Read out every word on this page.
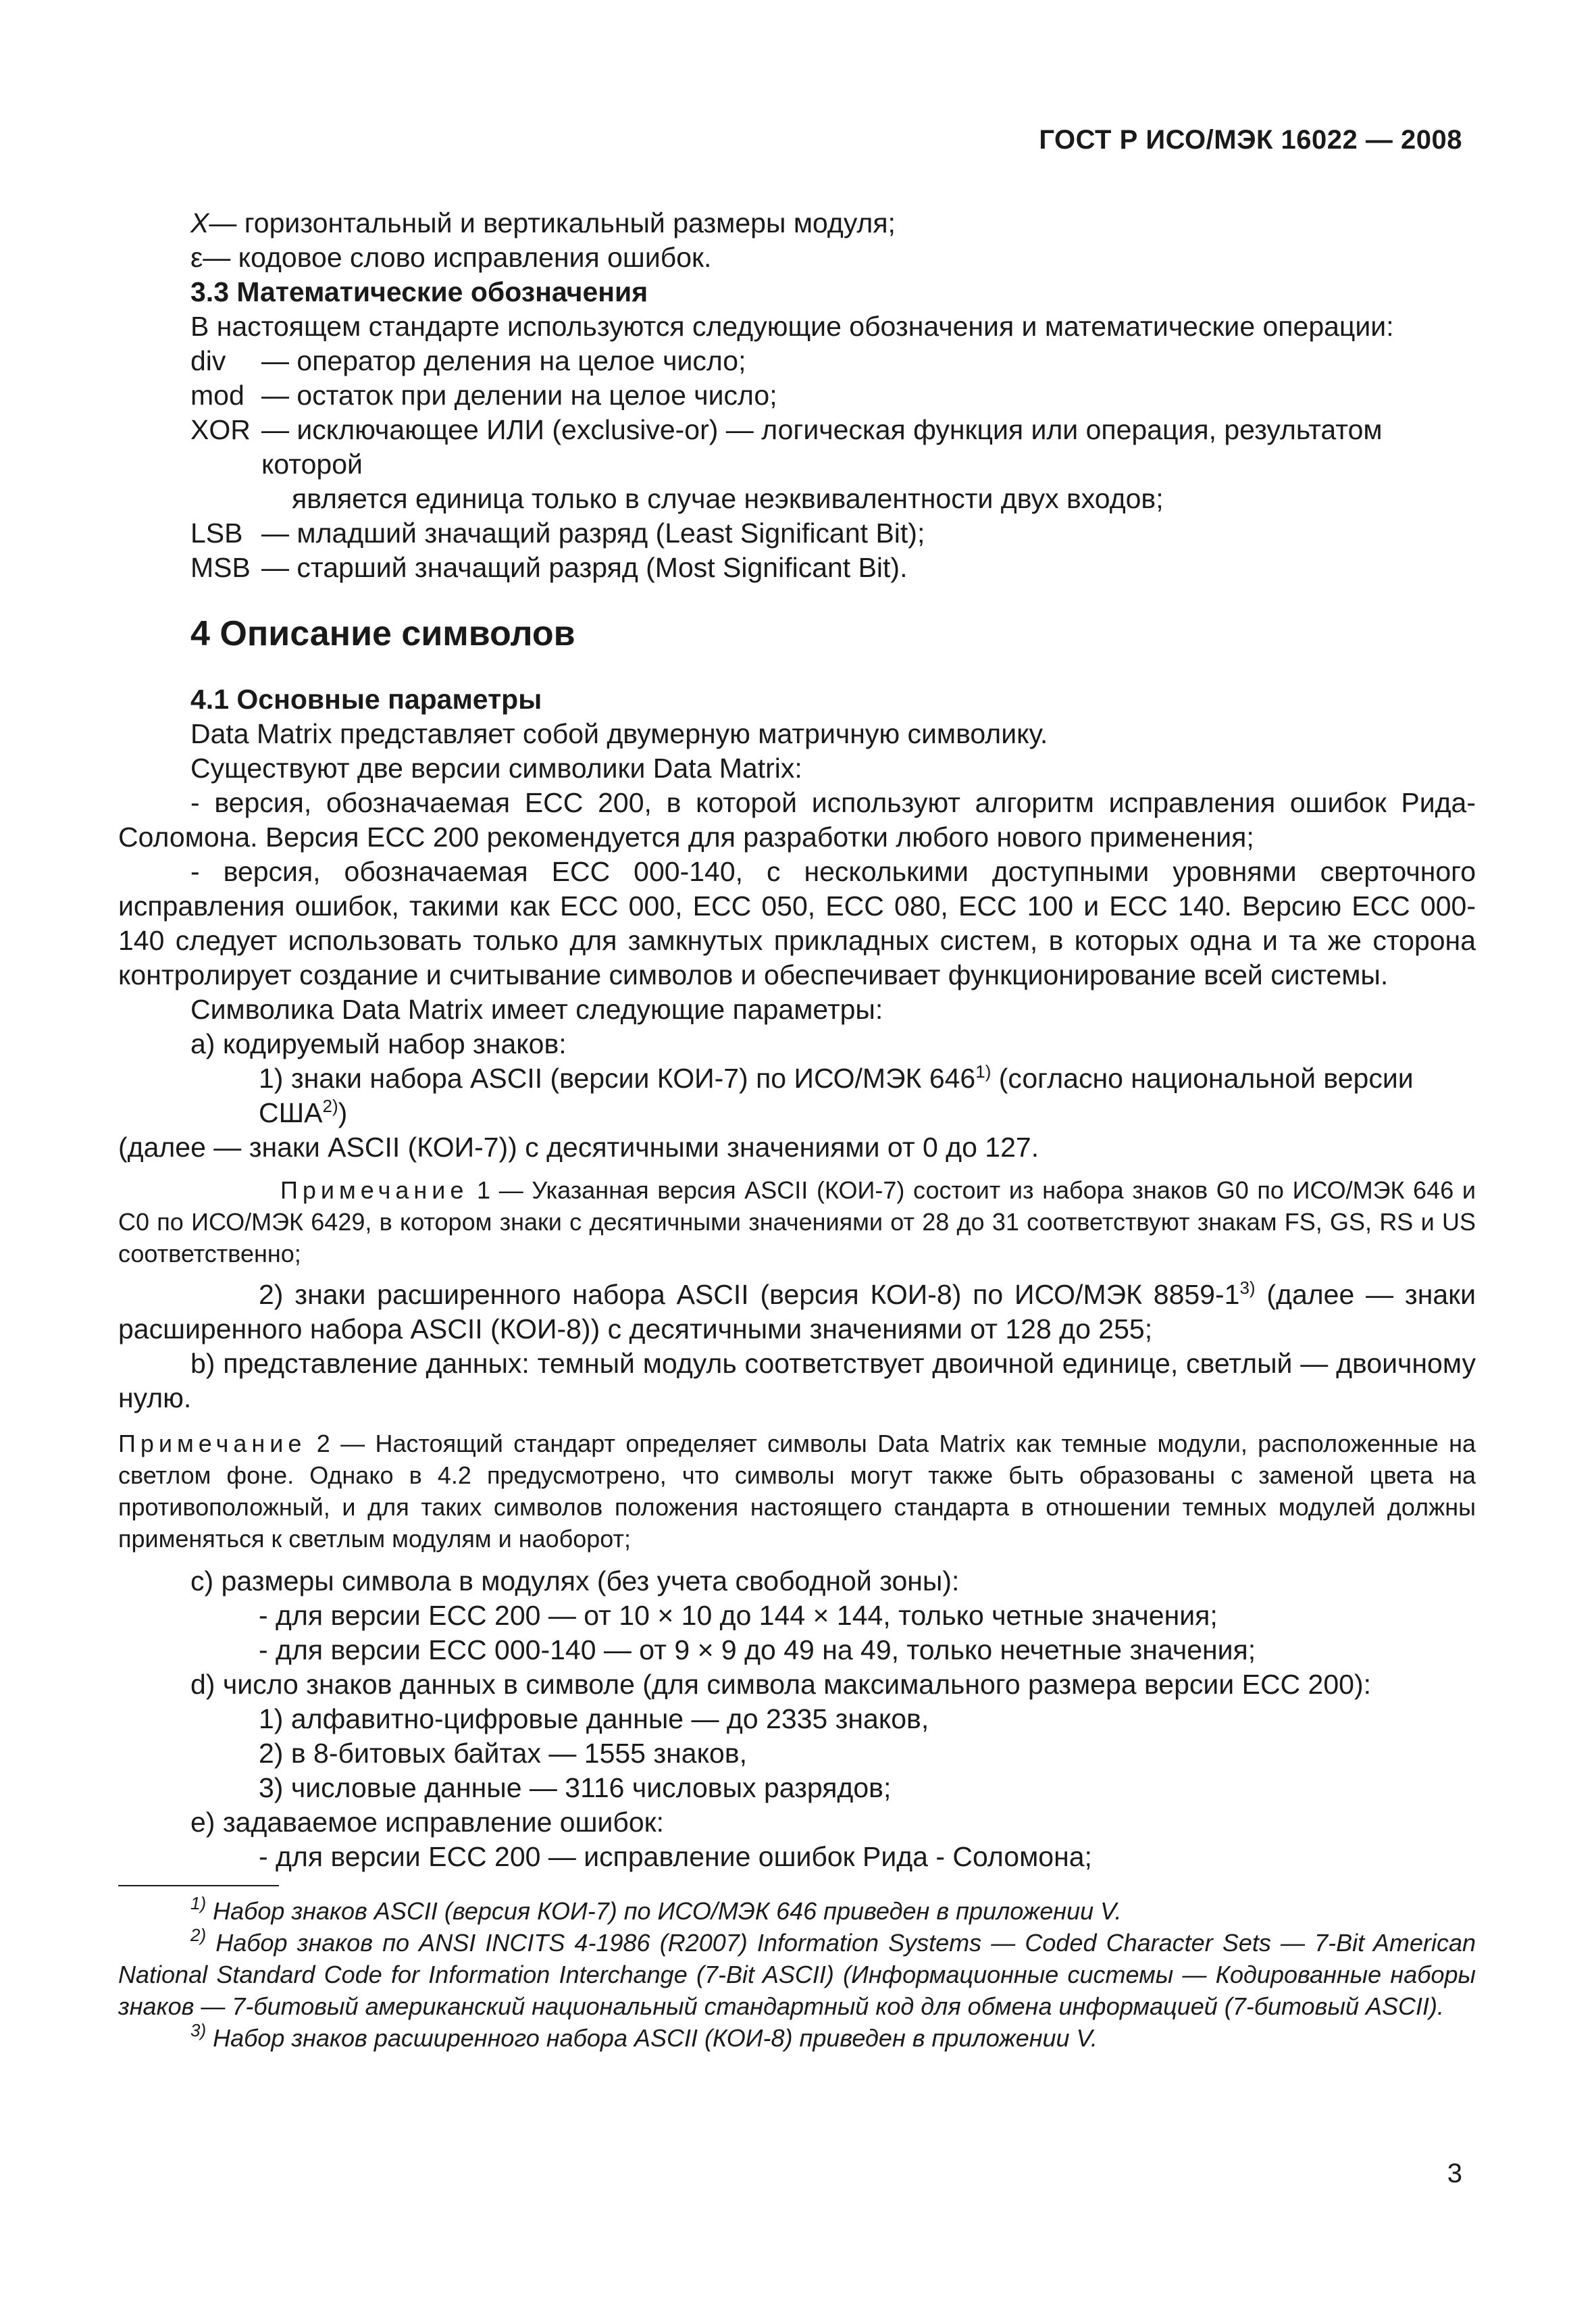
ГОСТ Р ИСО/МЭК 16022 — 2008
X — горизонтальный и вертикальный размеры модуля;
ε — кодовое слово исправления ошибок.
3.3 Математические обозначения
В настоящем стандарте используются следующие обозначения и математические операции:
div	— оператор деления на целое число;
mod — остаток при делении на целое число;
XOR — исключающее ИЛИ (exclusive-or) — логическая функция или операция, результатом которой
является единица только в случае неэквивалентности двух входов;
LSB — младший значащий разряд (Least Significant Bit);
MSB — старший значащий разряд (Most Significant Bit).
4 Описание символов
4.1 Основные параметры
Data Matrix представляет собой двумерную матричную символику.
Существуют две версии символики Data Matrix:
- версия, обозначаемая ЕСС 200, в которой используют алгоритм исправления ошибок Рида-Соломона. Версия ЕСС 200 рекомендуется для разработки любого нового применения;
- версия, обозначаемая ЕСС 000-140, с несколькими доступными уровнями сверточного исправления ошибок, такими как ЕСС 000, ЕСС 050, ЕСС 080, ЕСС 100 и ЕСС 140. Версию ЕСС 000-140 следует использовать только для замкнутых прикладных систем, в которых одна и та же сторона контролирует создание и считывание символов и обеспечивает функционирование всей системы.
Символика Data Matrix имеет следующие параметры:
а) кодируемый набор знаков:
1) знаки набора ASCII (версии КОИ-7) по ИСО/МЭК 646$^{1)}$ (согласно национальной версии США$^{2)}$)
(далее — знаки ASCII (КОИ-7)) с десятичными значениями от 0 до 127.
Примечание 1 — Указанная версия ASCII (КОИ-7) состоит из набора знаков G0 по ИСО/МЭК 646 и С0 по ИСО/МЭК 6429, в котором знаки с десятичными значениями от 28 до 31 соответствуют знакам FS, GS, RS и US соответственно;
2) знаки расширенного набора ASCII (версия КОИ-8) по ИСО/МЭК 8859-1$^{3)}$ (далее — знаки расширенного набора ASCII (КОИ-8)) с десятичными значениями от 128 до 255;
b) представление данных: темный модуль соответствует двоичной единице, светлый — двоичному нулю.
Примечание 2 — Настоящий стандарт определяет символы Data Matrix как темные модули, расположенные на светлом фоне. Однако в 4.2 предусмотрено, что символы могут также быть образованы с заменой цвета на противоположный, и для таких символов положения настоящего стандарта в отношении темных модулей должны применяться к светлым модулям и наоборот;
с) размеры символа в модулях (без учета свободной зоны):
- для версии ЕСС 200 — от 10 × 10 до 144 × 144, только четные значения;
- для версии ЕСС 000-140 — от 9 × 9 до 49 на 49, только нечетные значения;
d) число знаков данных в символе (для символа максимального размера версии ЕСС 200):
1) алфавитно-цифровые данные — до 2335 знаков,
2) в 8-битовых байтах — 1555 знаков,
3) числовые данные — 3116 числовых разрядов;
е) задаваемое исправление ошибок:
- для версии ЕСС 200 — исправление ошибок Рида - Соломона;
$^{1)}$ Набор знаков ASCII (версия КОИ-7) по ИСО/МЭК 646 приведен в приложении V.
$^{2)}$ Набор знаков по ANSI INCITS 4-1986 (R2007) Information Systems — Coded Character Sets — 7-Bit American National Standard Code for Information Interchange (7-Bit ASCII) (Информационные системы — Кодированные наборы знаков — 7-битовый американский национальный стандартный код для обмена информацией (7-битовый ASCII).
$^{3)}$ Набор знаков расширенного набора ASCII (КОИ-8) приведен в приложении V.
3
